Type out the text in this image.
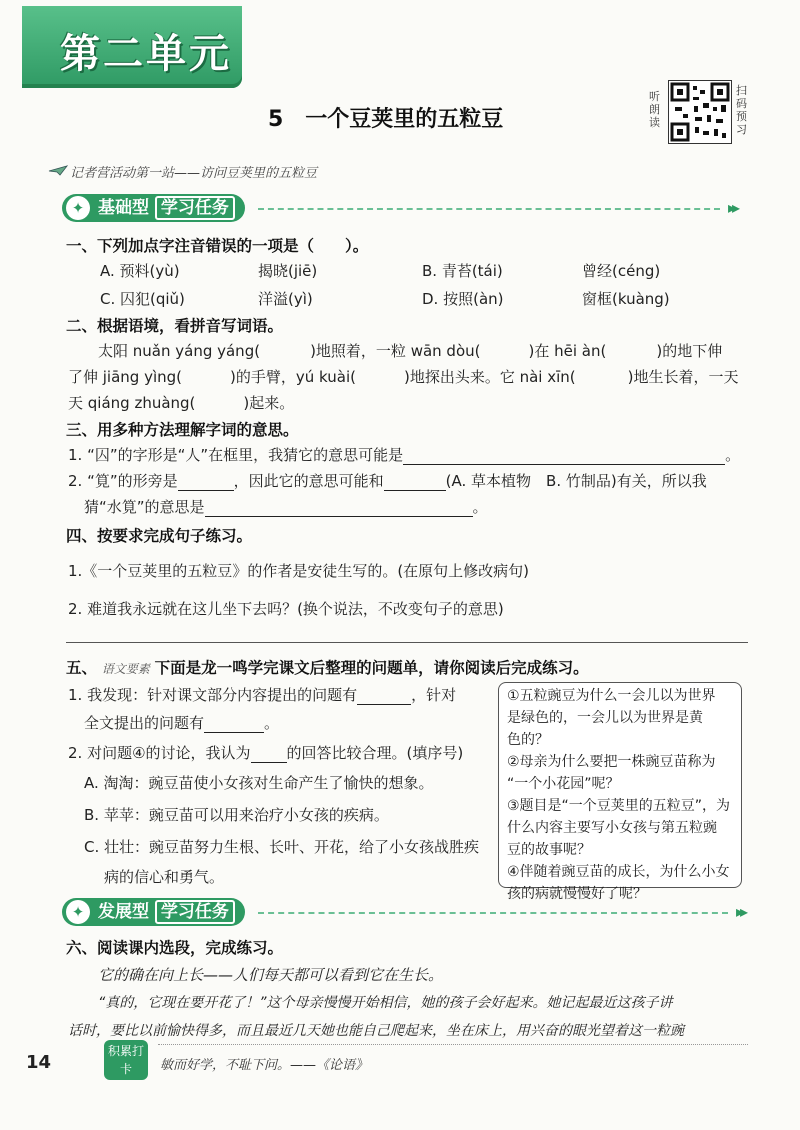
第二单元
5　一个豆荚里的五粒豆
听朗读
扫码预习
记者营活动第一站——访问豆荚里的五粒豆
✦ 基础型 学习任务	▸▸
一、下列加点字注音错误的一项是（　　）。
A. 预料(yù)	揭晓(jiē)	B. 青苔(tái)	曾经(céng)
C. 囚犯(qiǔ)	洋溢(yì)	D. 按照(àn)	窗框(kuàng)
二、根据语境，看拼音写词语。
太阳 nuǎn yáng yáng(	)地照着，一粒 wān dòu(	)在 hēi àn(	)的地下伸
了伸 jiāng yìng(	)的手臂，yú kuài(	)地探出头来。它 nài xīn(	)地生长着，一天
天 qiáng zhuàng(	)起来。
三、用多种方法理解字词的意思。
1. “囚”的字形是“人”在框里，我猜它的意思可能是	。
2. “筧”的形旁是	，因此它的意思可能和	(A. 草本植物　B. 竹制品)有关，所以我
猜“水筧”的意思是	。
四、按要求完成句子练习。
1.《一个豆荚里的五粒豆》的作者是安徒生写的。(在原句上修改病句)
2. 难道我永远就在这儿坐下去吗？(换个说法，不改变句子的意思)
五、 语文要素 下面是龙一鸣学完课文后整理的问题单，请你阅读后完成练习。
1. 我发现：针对课文部分内容提出的问题有	，针对
全文提出的问题有	。
2. 对问题④的讨论，我认为 的回答比较合理。(填序号)
A. 淘淘：豌豆苗使小女孩对生命产生了愉快的想象。
B. 苹苹：豌豆苗可以用来治疗小女孩的疾病。
C. 壮壮：豌豆苗努力生根、长叶、开花，给了小女孩战胜疾
病的信心和勇气。
①五粒豌豆为什么一会儿以为世界
是绿色的，一会儿以为世界是黄
色的？
②母亲为什么要把一株豌豆苗称为
“一个小花园”呢？
③题目是“一个豆荚里的五粒豆”，为
什么内容主要写小女孩与第五粒豌
豆的故事呢？
④伴随着豌豆苗的成长，为什么小女
孩的病就慢慢好了呢？
✦ 发展型 学习任务	▸▸
六、阅读课内选段，完成练习。
它的确在向上长——人们每天都可以看到它在生长。
“真的，它现在要开花了！”这个母亲慢慢开始相信，她的孩子会好起来。她记起最近这孩子讲
话时，要比以前愉快得多，而且最近几天她也能自己爬起来，坐在床上，用兴奋的眼光望着这一粒豌
14
积累打卡	敏而好学，不耻下问。——《论语》
